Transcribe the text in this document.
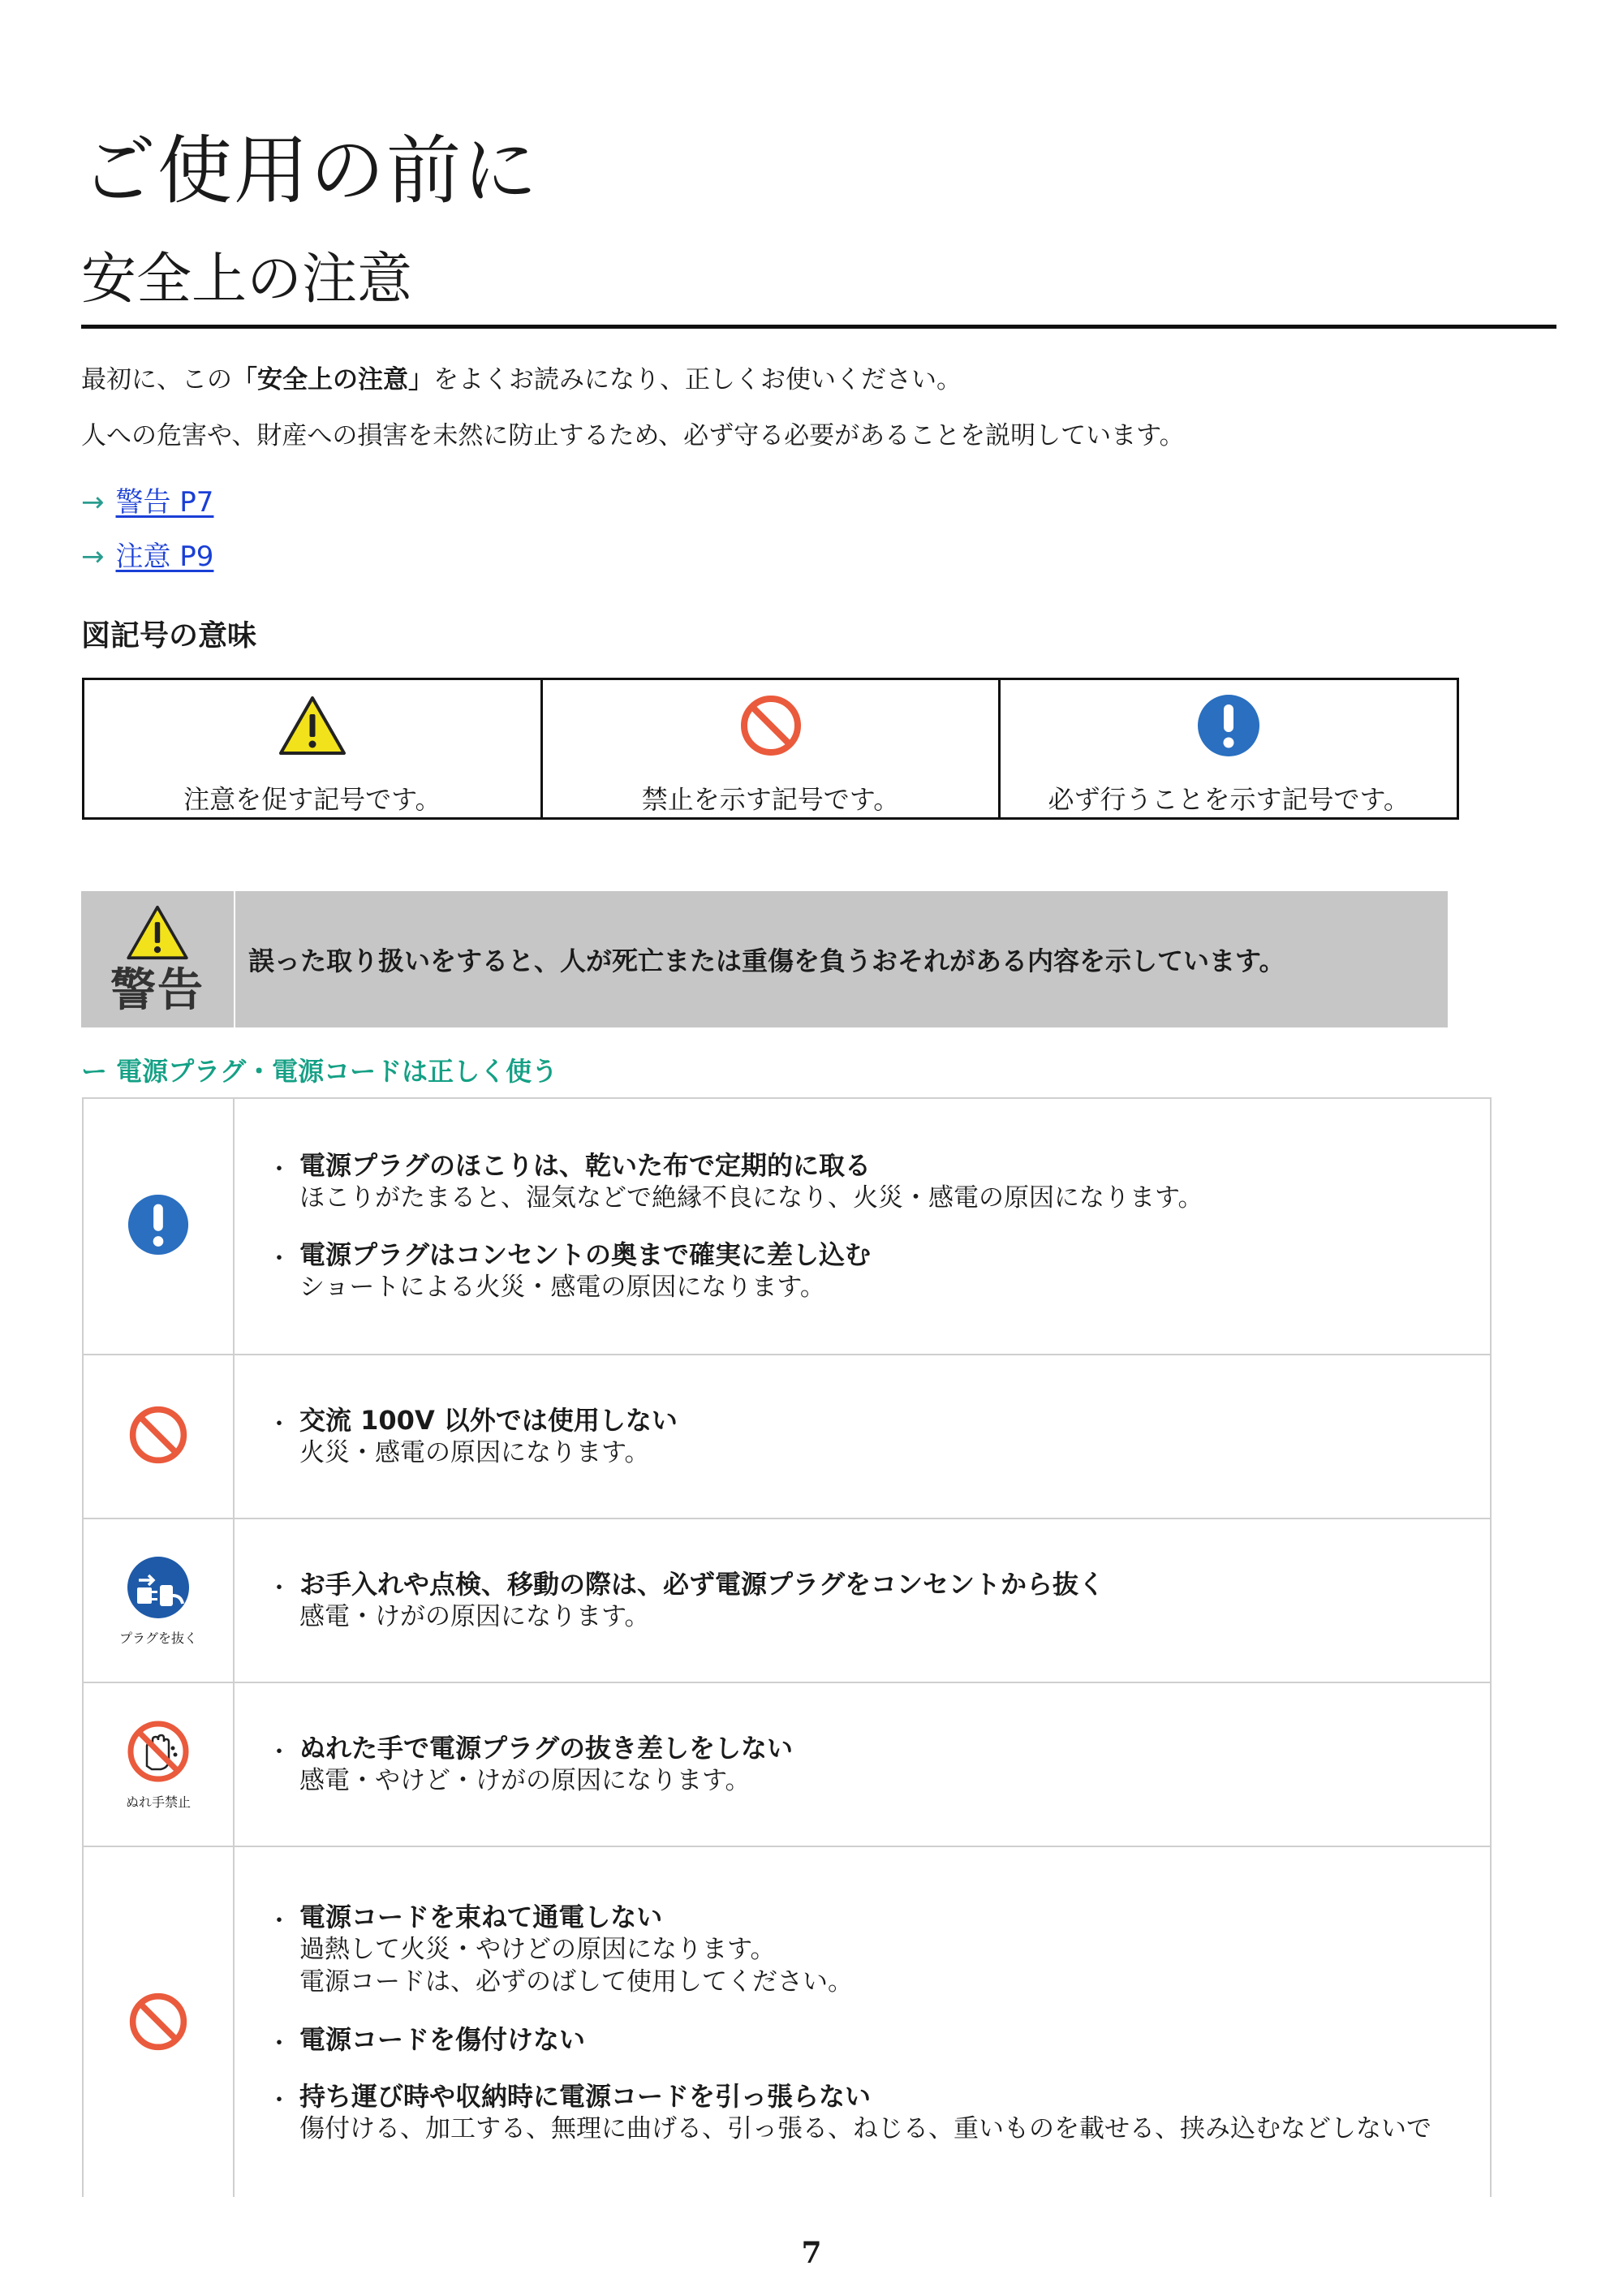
ご使用の前に
安全上の注意
最初に、この「安全上の注意」をよくお読みになり、正しくお使いください。
人への危害や、財産への損害を未然に防止するため、必ず守る必要があることを説明しています。
→ 警告 P7
→ 注意 P9
図記号の意味
注意を促す記号です。	禁止を示す記号です。	必ず行うことを示す記号です。
警告
誤った取り扱いをすると、人が死亡または重傷を負うおそれがある内容を示しています。
ー 電源プラグ・電源コードは正しく使う
・ 電源プラグのほこりは、乾いた布で定期的に取る
ほこりがたまると、湿気などで絶縁不良になり、火災・感電の原因になります。
・ 電源プラグはコンセントの奥まで確実に差し込む
ショートによる火災・感電の原因になります。
・ 交流 100V 以外では使用しない
火災・感電の原因になります。
プラグを抜く
・ お手入れや点検、移動の際は、必ず電源プラグをコンセントから抜く
感電・けがの原因になります。
ぬれ手禁止
・ ぬれた手で電源プラグの抜き差しをしない
感電・やけど・けがの原因になります。
・ 電源コードを束ねて通電しない
過熱して火災・やけどの原因になります。
電源コードは、必ずのばして使用してください。
・ 電源コードを傷付けない
・ 持ち運び時や収納時に電源コードを引っ張らない
傷付ける、加工する、無理に曲げる、引っ張る、ねじる、重いものを載せる、挟み込むなどしないで
7
